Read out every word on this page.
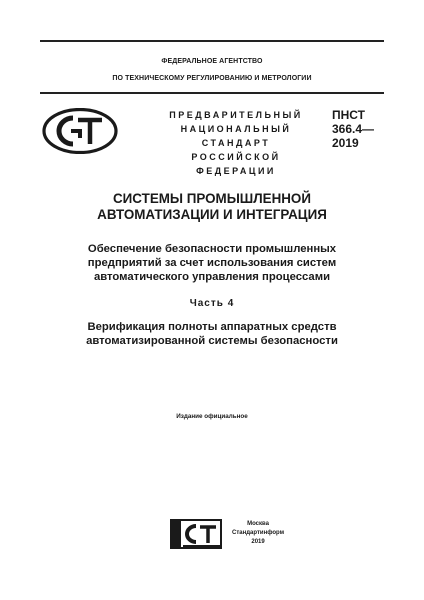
ФЕДЕРАЛЬНОЕ АГЕНТСТВО
ПО ТЕХНИЧЕСКОМУ РЕГУЛИРОВАНИЮ И МЕТРОЛОГИИ
ПРЕДВАРИТЕЛЬНЫЙ
НАЦИОНАЛЬНЫЙ
СТАНДАРТ
РОССИЙСКОЙ
ФЕДЕРАЦИИ
ПНСТ
366.4—
2019
СИСТЕМЫ ПРОМЫШЛЕННОЙ
АВТОМАТИЗАЦИИ И ИНТЕГРАЦИЯ
Обеспечение безопасности промышленных
предприятий за счет использования систем
автоматического управления процессами
Часть 4
Верификация полноты аппаратных средств
автоматизированной системы безопасности
Издание официальное
Москва
Стандартинформ
2019
